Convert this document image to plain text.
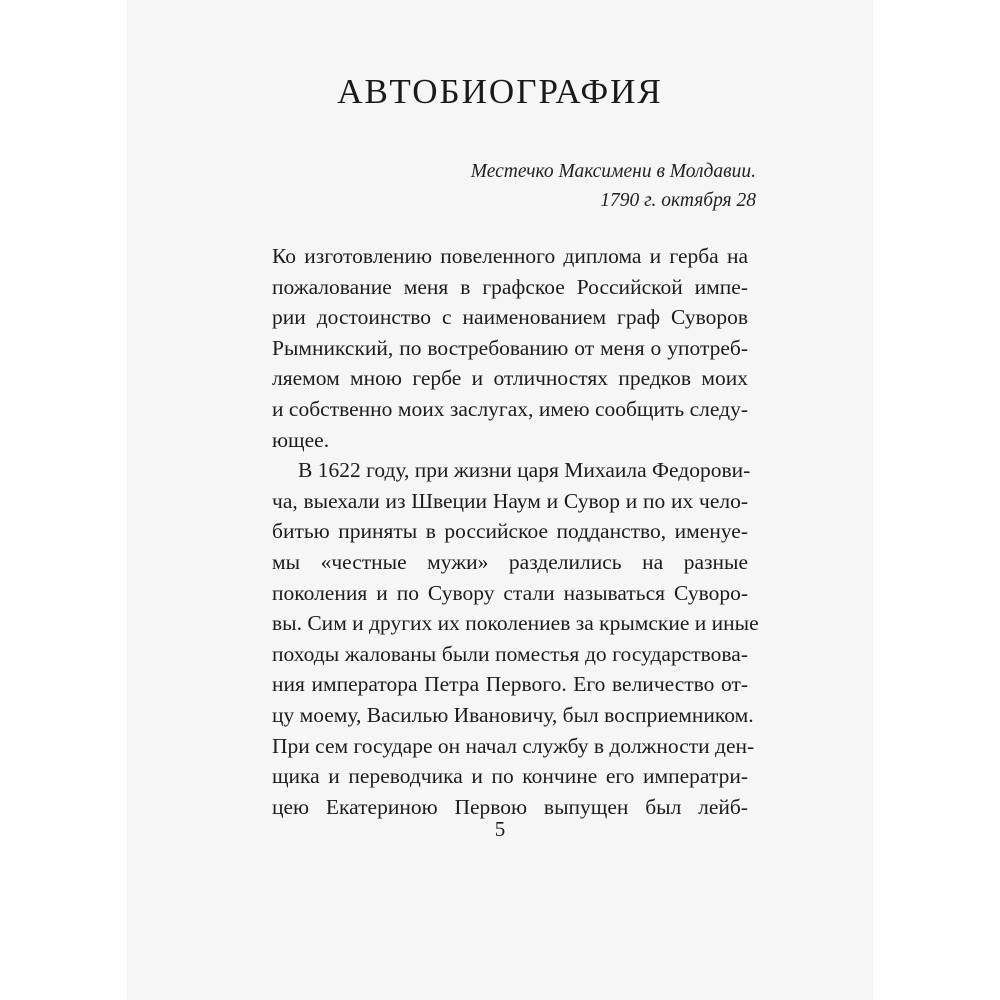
АВТОБИОГРАФИЯ
Местечко Максимени в Молдавии.
1790 г. октября 28
Ко изготовлению повеленного диплома и герба на
пожалование меня в графское Российской импе-
рии достоинство с наименованием граф Суворов
Рымникский, по востребованию от меня о употреб-
ляемом мною гербе и отличностях предков моих
и собственно моих заслугах, имею сообщить следу-
ющее.
В 1622 году, при жизни царя Михаила Федорови-
ча, выехали из Швеции Наум и Сувор и по их чело-
битью приняты в российское подданство, именуе-
мы «честные мужи» разделились на разные
поколения и по Сувору стали называться Суворо-
вы. Сим и других их поколениев за крымские и иные
походы жалованы были поместья до государствова-
ния императора Петра Первого. Его величество от-
цу моему, Василью Ивановичу, был восприемником.
При сем государе он начал службу в должности ден-
щика и переводчика и по кончине его императри-
цею Екатериною Первою выпущен был лейб-
5
